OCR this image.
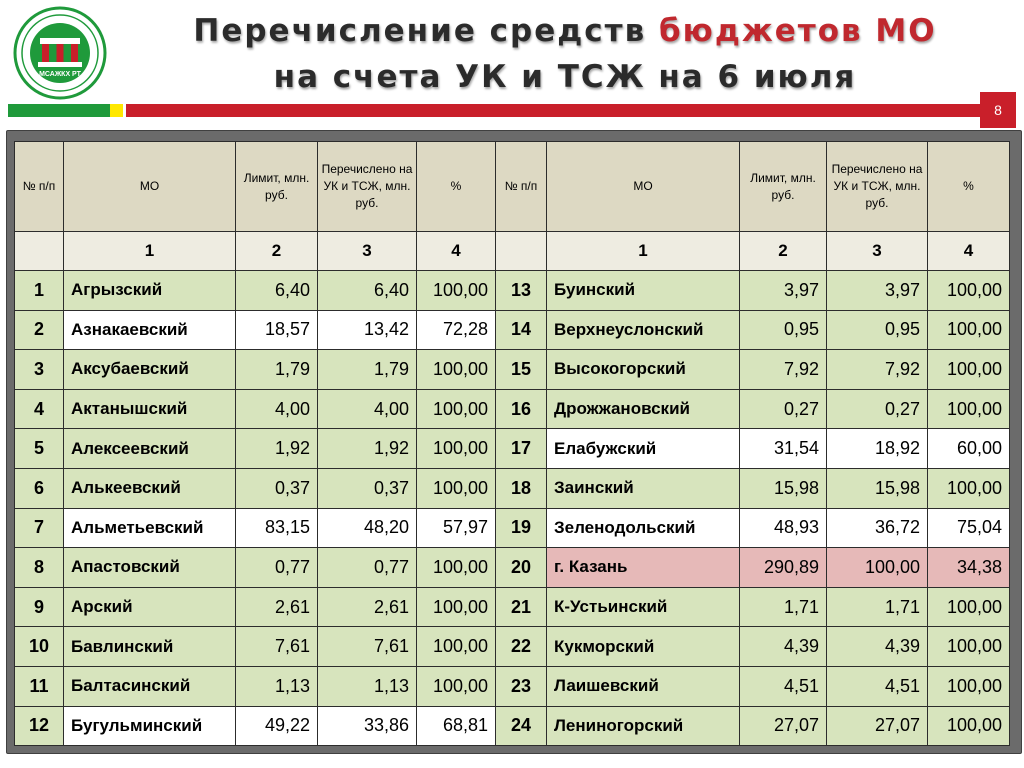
МСАЖКХ РТ
Перечисление средств бюджетов МО
на счета УК и ТСЖ на 6 июля
8
№ п/п	МО	Лимит, млн. руб.	Перечислено на УК и ТСЖ, млн. руб.	%	№ п/п	МО	Лимит, млн. руб.	Перечислено на УК и ТСЖ, млн. руб.	%
	1	2	3	4		1	2	3	4
1	Агрызский	6,40	6,40	100,00	13	Буинский	3,97	3,97	100,00
2	Азнакаевский	18,57	13,42	72,28	14	Верхнеуслонский	0,95	0,95	100,00
3	Аксубаевский	1,79	1,79	100,00	15	Высокогорский	7,92	7,92	100,00
4	Актанышский	4,00	4,00	100,00	16	Дрожжановский	0,27	0,27	100,00
5	Алексеевский	1,92	1,92	100,00	17	Елабужский	31,54	18,92	60,00
6	Алькеевский	0,37	0,37	100,00	18	Заинский	15,98	15,98	100,00
7	Альметьевский	83,15	48,20	57,97	19	Зеленодольский	48,93	36,72	75,04
8	Апастовский	0,77	0,77	100,00	20	г. Казань	290,89	100,00	34,38
9	Арский	2,61	2,61	100,00	21	К-Устьинский	1,71	1,71	100,00
10	Бавлинский	7,61	7,61	100,00	22	Кукморский	4,39	4,39	100,00
11	Балтасинский	1,13	1,13	100,00	23	Лаишевский	4,51	4,51	100,00
12	Бугульминский	49,22	33,86	68,81	24	Лениногорский	27,07	27,07	100,00
